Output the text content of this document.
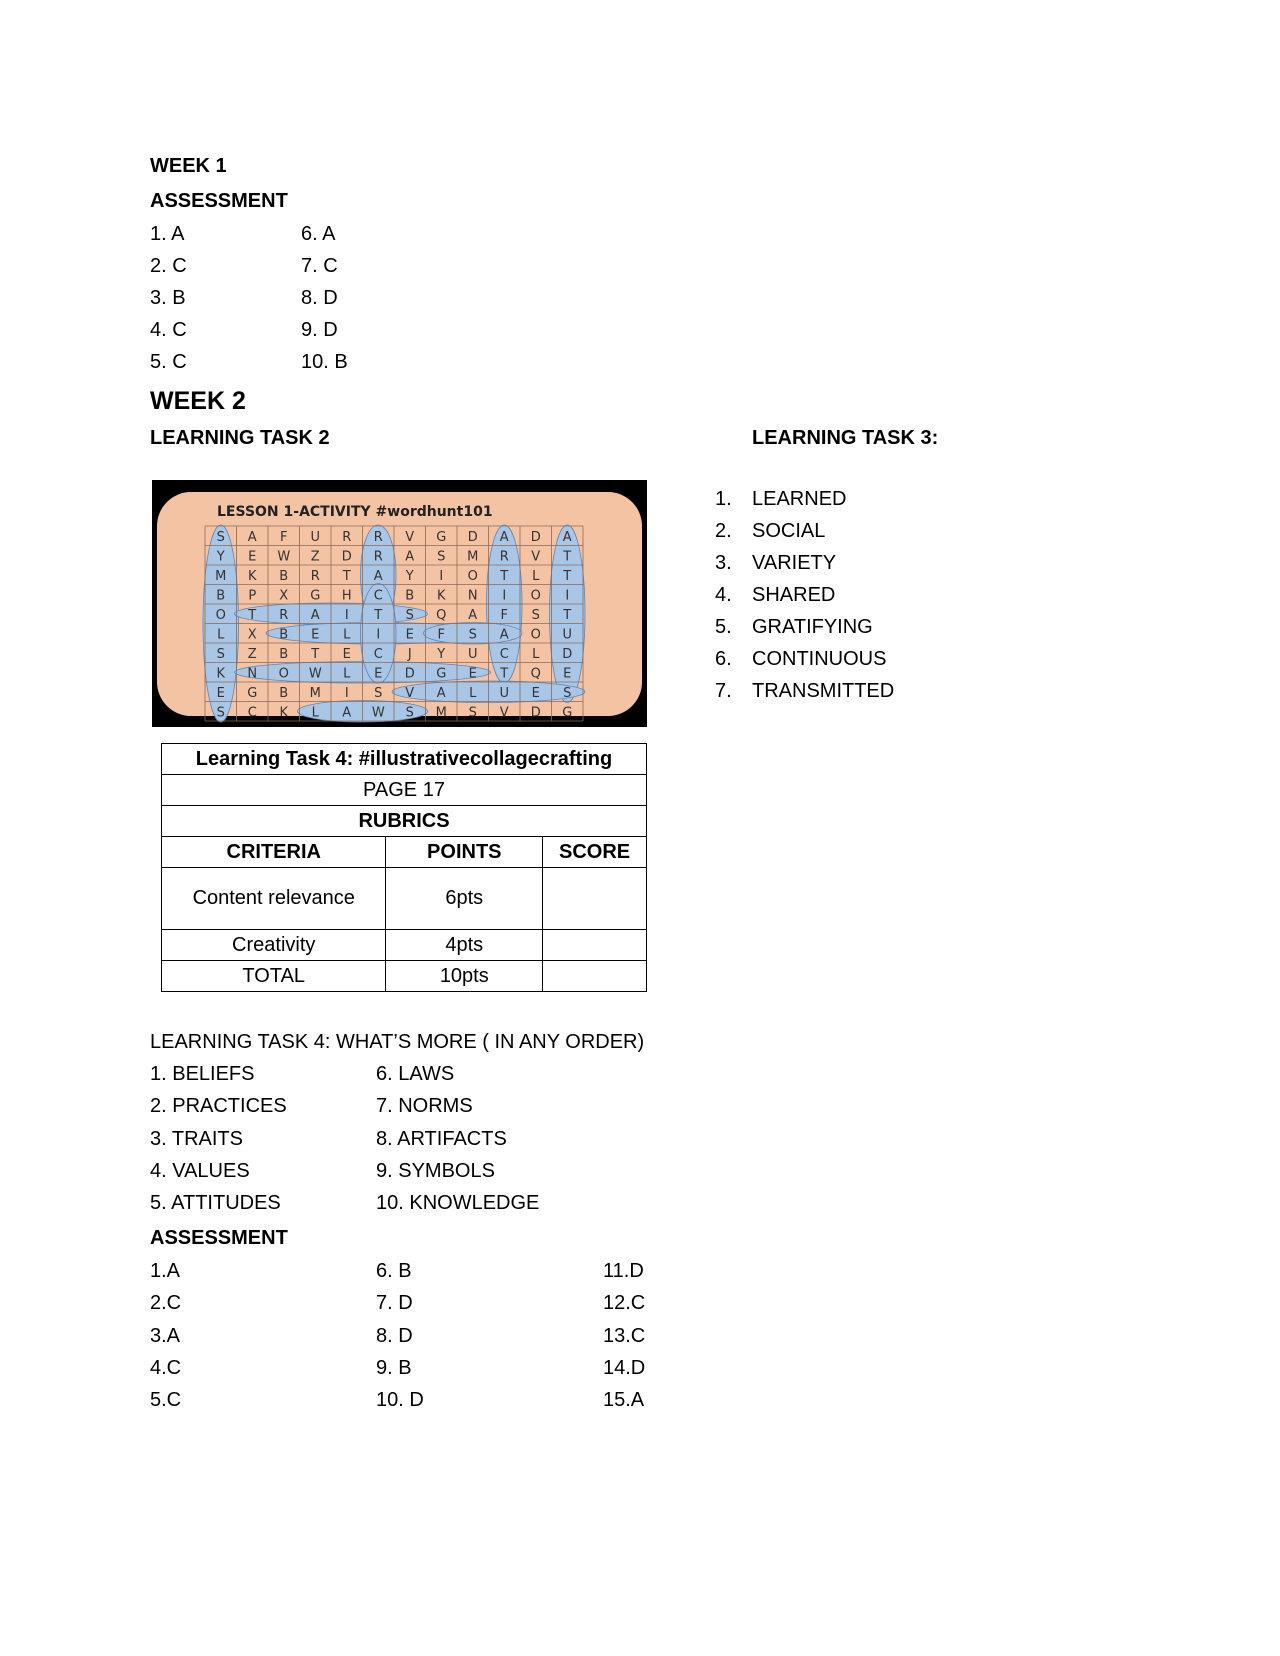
WEEK 1
ASSESSMENT
1. A
2. C
3. B
4. C
5. C
6. A
7. C
8. D
9. D
10. B
WEEK 2
LEARNING TASK 2	LEARNING TASK 3:
1. LEARNED
2. SOCIAL
3. VARIETY
4. SHARED
5. GRATIFYING
6. CONTINUOUS
7. TRANSMITTED
LESSON 1-ACTIVITY #wordhunt101
S A F U R R V G D A D A
Y E W Z D R A S M R V T
M K B R T A Y I O T L T
B P X G H C B K N I O I
O T R A I T S Q A F S T
L X B E L I E F S A O U
S Z B T E C J Y U C L D
K N O W L E D G E T Q E
E G B M I S V A L U E S
S C K L A W S M S V D G
Learning Task 4: #illustrativecollagecrafting		
PAGE 17		
RUBRICS		
CRITERIA	POINTS	SCORE
Content relevance	6pts	
Creativity	4pts	
TOTAL	10pts	
LEARNING TASK 4: WHAT’S MORE ( IN ANY ORDER)
1. BELIEFS
2. PRACTICES
3. TRAITS
4. VALUES
5. ATTITUDES
6. LAWS
7. NORMS
8. ARTIFACTS
9. SYMBOLS
10. KNOWLEDGE
ASSESSMENT
1.A
2.C
3.A
4.C
5.C
6. B
7. D
8. D
9. B
10. D
11.D
12.C
13.C
14.D
15.A
